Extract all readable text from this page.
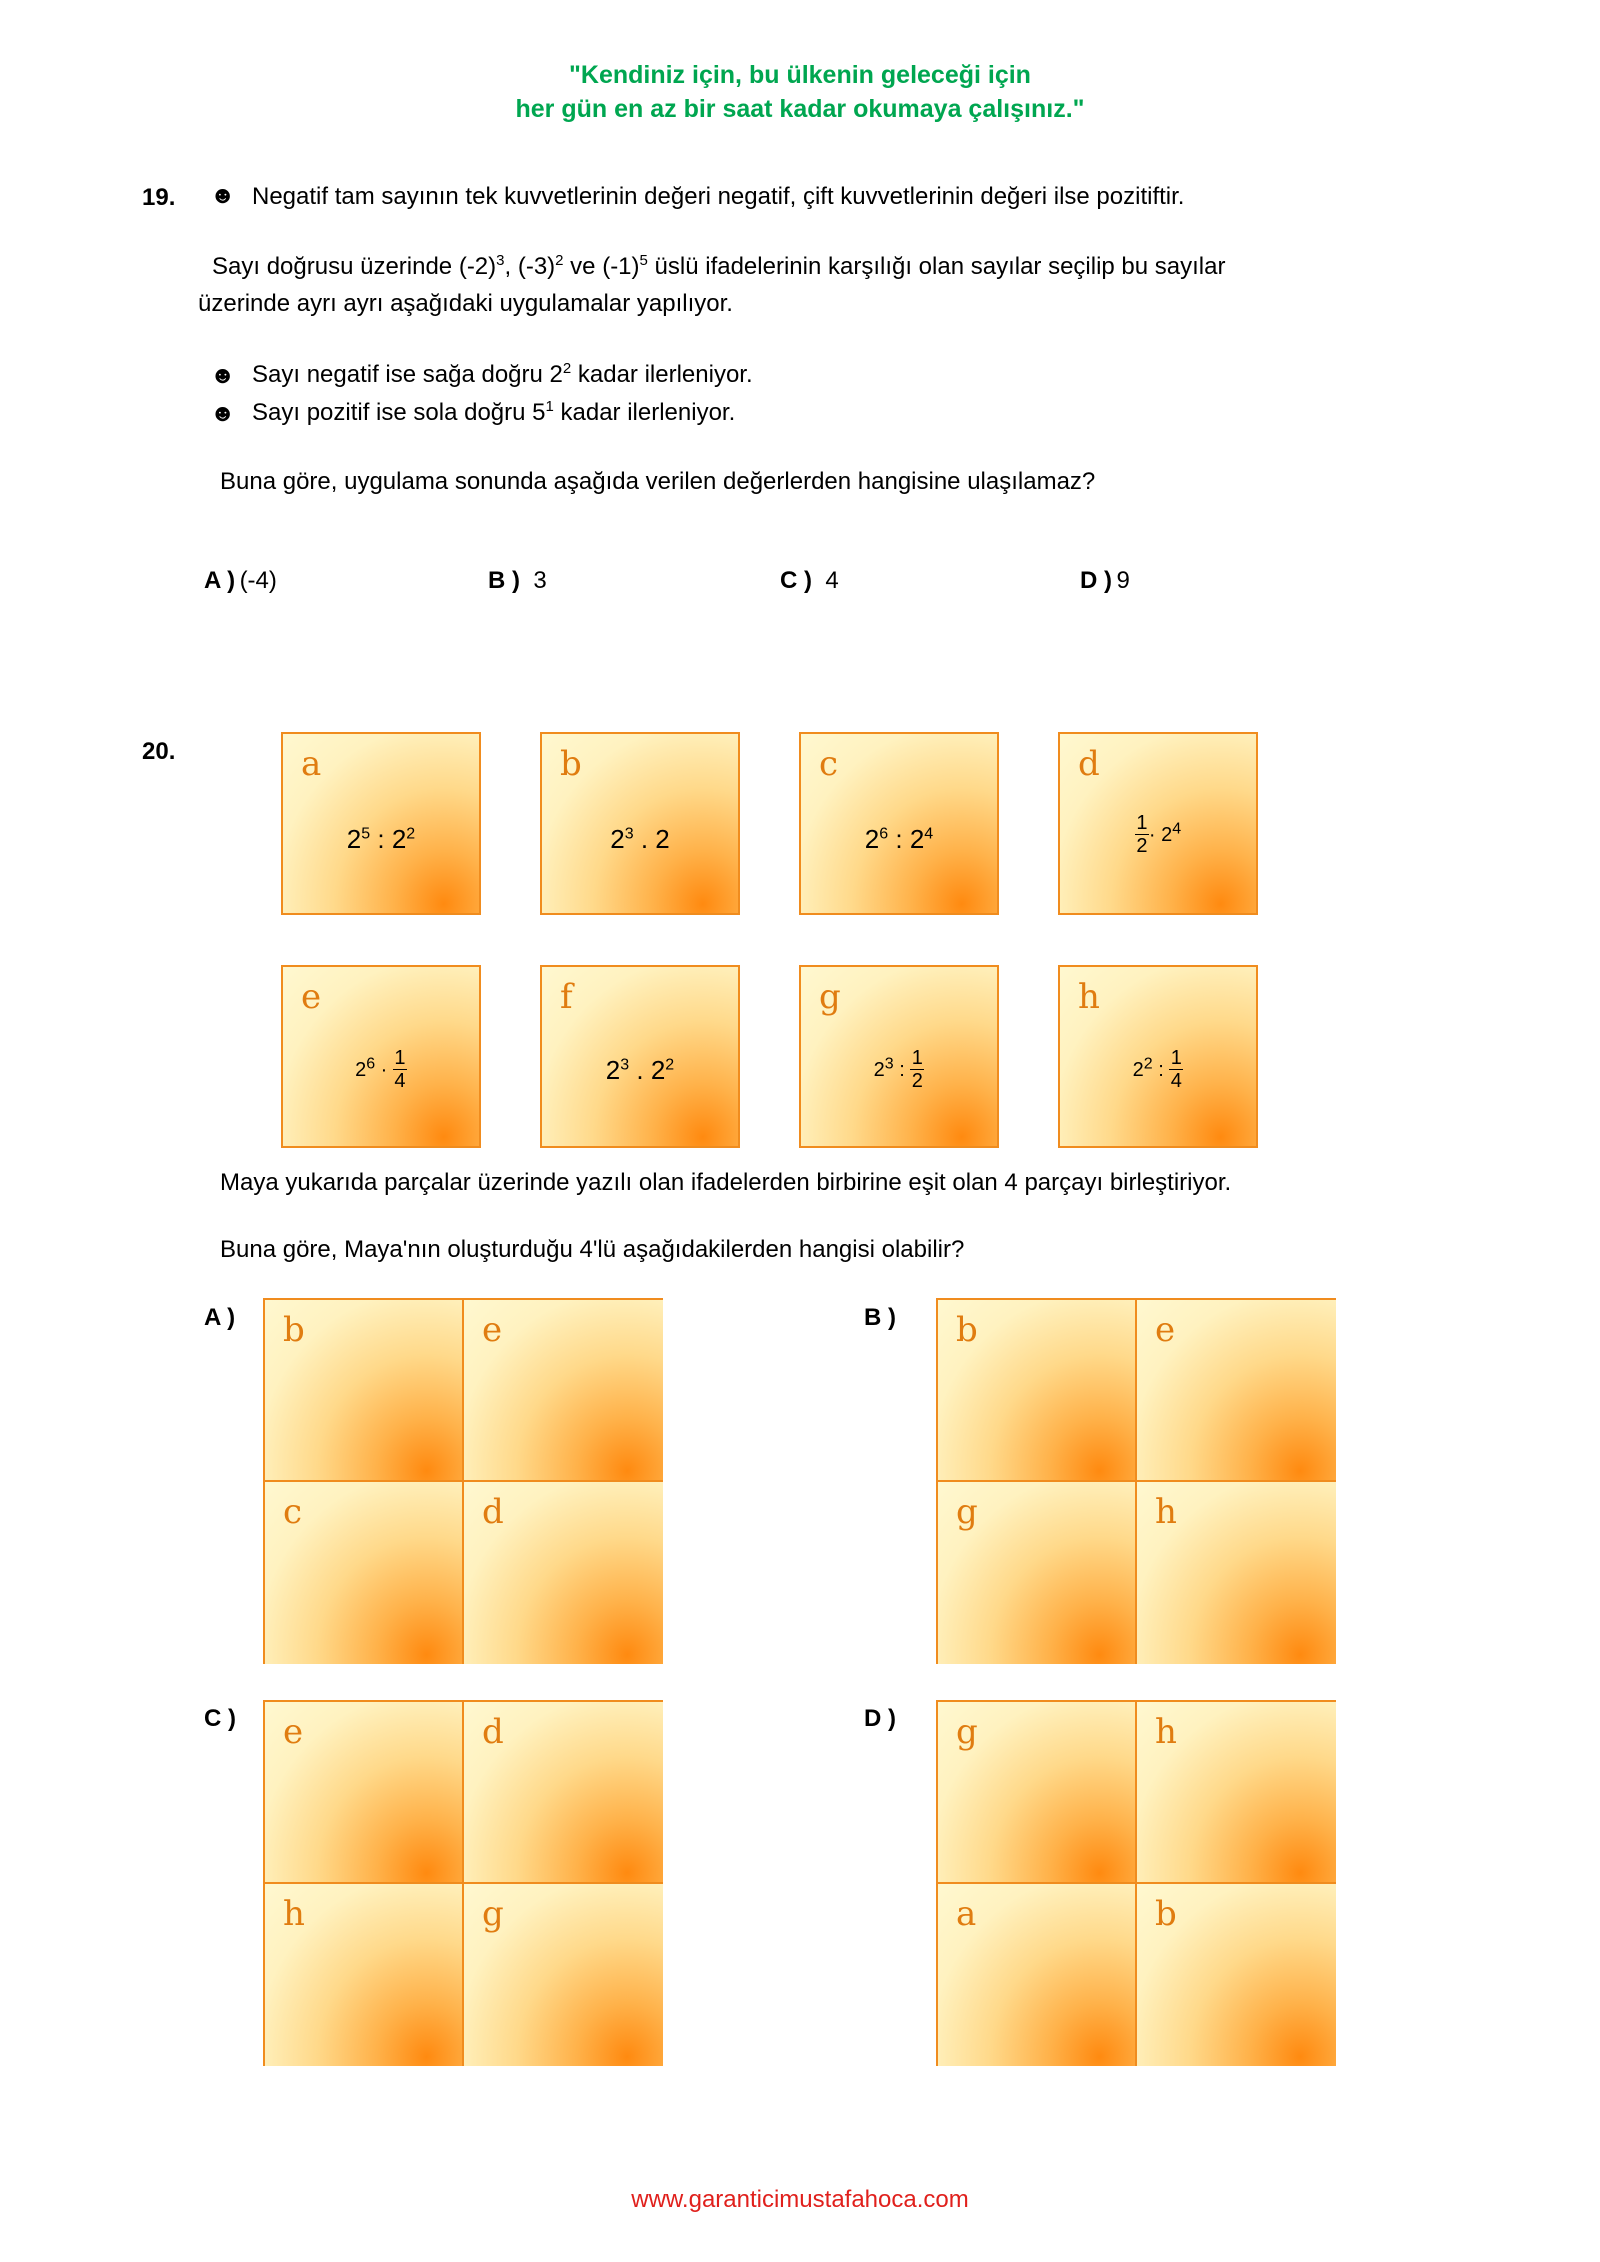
"Kendiniz için, bu ülkenin geleceği için
her gün en az bir saat kadar okumaya çalışınız."
19. ☻ Negatif tam sayının tek kuvvetlerinin değeri negatif, çift kuvvetlerinin değeri ilse pozitiftir.
Sayı doğrusu üzerinde $(-2)^3$, $(-3)^2$ ve $(-1)^5$ üslü ifadelerinin karşılığı olan sayılar seçilip bu sayılar
üzerinde ayrı ayrı aşağıdaki uygulamalar yapılıyor.
☻ Sayı negatif ise sağa doğru $2^2$ kadar ilerleniyor.
☻ Sayı pozitif ise sola doğru $5^1$ kadar ilerleniyor.
Buna göre, uygulama sonunda aşağıda verilen değerlerden hangisine ulaşılamaz?
A ) (-4)	B ) 3	C ) 4	D ) 9
20.	a
$2^5$ : $2^2$
b
$2^3$ . 2
c
$2^6$ : $2^4$
d
$\frac{1}{2} \cdot 2^4$
e
$2^6 \cdot \frac{1}{4}$
f
$2^3$ . $2^2$
g
$2^3$ : $\frac{1}{2}$
h
$2^2$ : $\frac{1}{4}$
Maya yukarıda parçalar üzerinde yazılı olan ifadelerden birbirine eşit olan 4 parçayı birleştiriyor.
Buna göre, Maya'nın oluşturduğu 4'lü aşağıdakilerden hangisi olabilir?
A ) b	e
c	d
B ) b	e
g	h
C ) e	d
h	g
D ) g	h
a	b
www.garanticimustafahoca.com
